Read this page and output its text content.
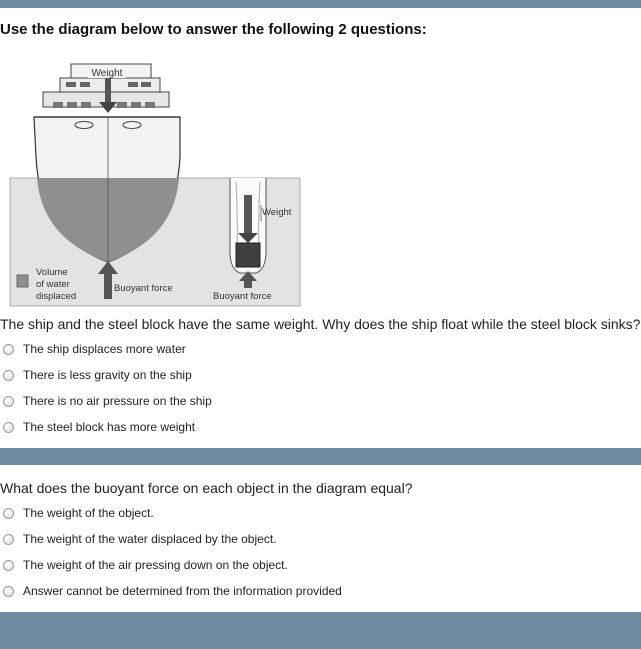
Use the diagram below to answer the following 2 questions:
Weight
Buoyant force
Volume
of water
displaced
Weight
Buoyant force
The ship and the steel block have the same weight. Why does the ship float while the steel block sinks?
The ship displaces more water
There is less gravity on the ship
There is no air pressure on the ship
The steel block has more weight
What does the buoyant force on each object in the diagram equal?
The weight of the object.
The weight of the water displaced by the object.
The weight of the air pressing down on the object.
Answer cannot be determined from the information provided
